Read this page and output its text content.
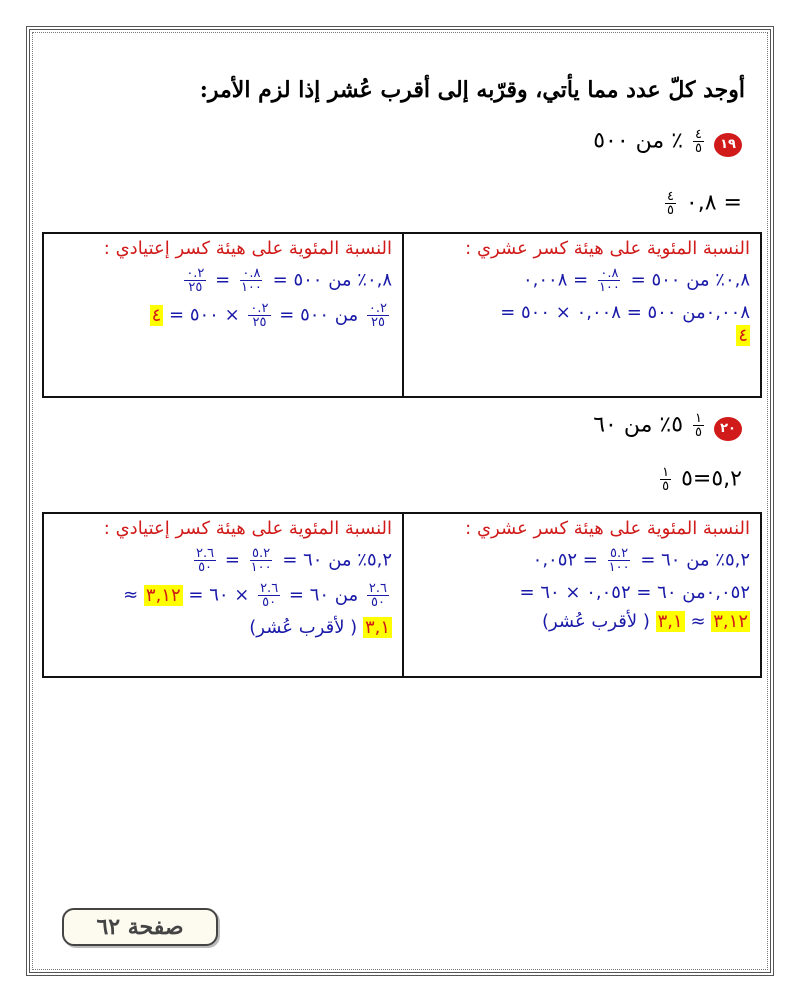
أوجد كلّ عدد مما يأتي، وقرّبه إلى أقرب عُشر إذا لزم الأمر:
١٩
$\frac{٤}{٥}$
٪ من ٥٠٠
$\frac{٤}{٥}$ ٠,٨ =
النسبة المئوية على هيئة كسر إعتيادي :
٠,٨٪ من ٥٠٠ =
$\frac{٠.٨}{١٠٠}$
=
$\frac{٠.٢}{٢٥}$
$\frac{٠.٢}{٢٥}$
من ٥٠٠ =
$\frac{٠.٢}{٢٥}$
× ٥٠٠ = ٤
النسبة المئوية على هيئة كسر عشري :
٠,٨٪ من ٥٠٠ =
$\frac{٠.٨}{١٠٠}$
= ٠,٠٠٨
٠,٠٠٨من ٥٠٠ = ٠,٠٠٨ × ٥٠٠ =
٤
٢٠
$\frac{١}{٥}$
٥٪ من ٦٠
$\frac{١}{٥}$ ٥,٢=٥
النسبة المئوية على هيئة كسر إعتيادي :
٥,٢٪ من ٦٠ =
$\frac{٥.٢}{١٠٠}$
=
$\frac{٢.٦}{٥٠}$
$\frac{٢.٦}{٥٠}$
من ٦٠ =
$\frac{٢.٦}{٥٠}$
× ٦٠ = ٣,١٢ ≈
٣,١ ( لأقرب عُشر)
النسبة المئوية على هيئة كسر عشري :
٥,٢٪ من ٦٠ =
$\frac{٥.٢}{١٠٠}$
= ٠,٠٥٢
٠,٠٥٢من ٦٠ = ٠,٠٥٢ × ٦٠ =
٣,١٢ ≈ ٣,١ ( لأقرب عُشر)
صفحة ٦٢
